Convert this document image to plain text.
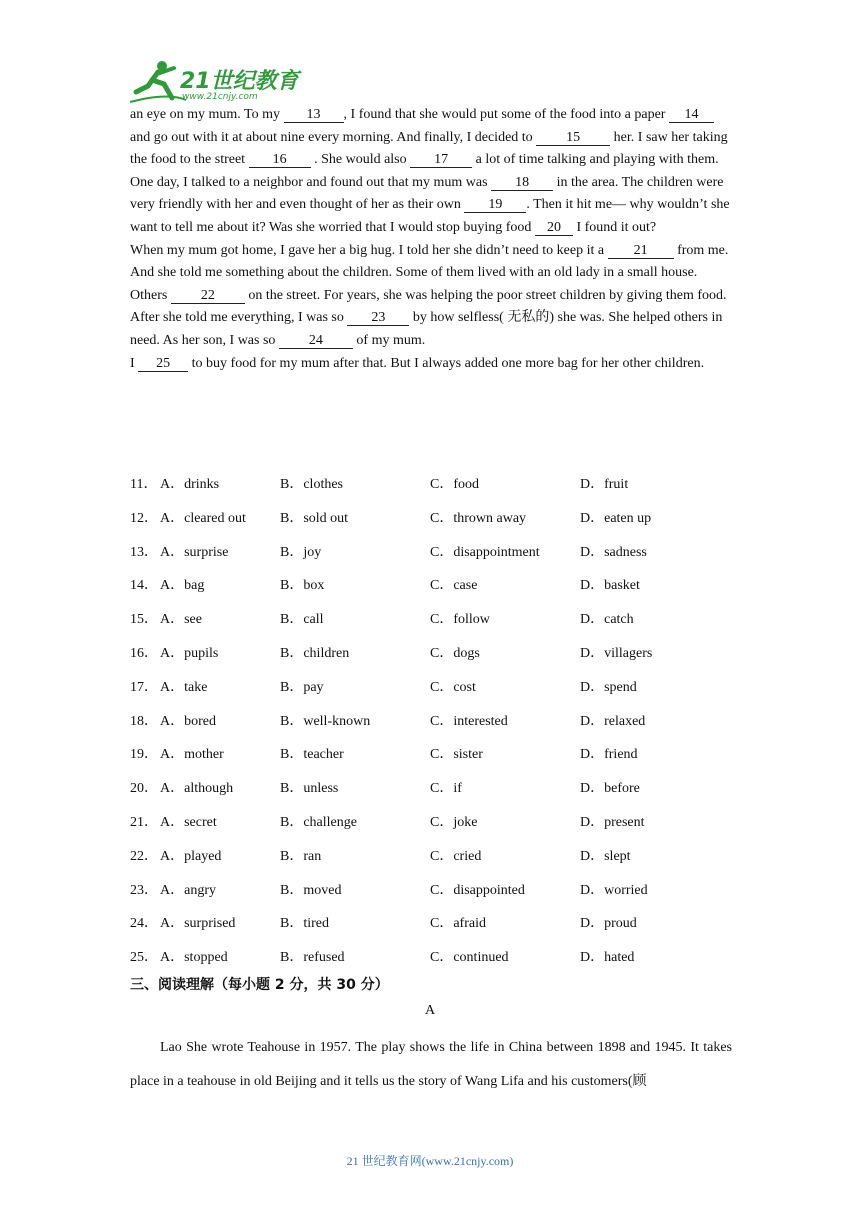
21世纪教育
www.21cnjy.com

an eye on my mum. To my 13 , I found that she would put some of the food into a paper 14 and go out with it at about nine every morning. And finally, I decided to 15 her. I saw her taking the food to the street 16 . She would also 17 a lot of time talking and playing with them.

One day, I talked to a neighbor and found out that my mum was 18 in the area. The children were very friendly with her and even thought of her as their own 19 . Then it hit me— why wouldn’t she want to tell me about it? Was she worried that I would stop buying food 20 I found it out?

When my mum got home, I gave her a big hug. I told her she didn’t need to keep it a 21 from me. And she told me something about the children. Some of them lived with an old lady in a small house. Others 22 on the street. For years, she was helping the poor street children by giving them food. After she told me everything, I was so 23 by how selfless( 无私的) she was. She helped others in need. As her son, I was so 24 of my mum.

I 25 to buy food for my mum after that. But I always added one more bag for her other children.

11． A．drinks	B．clothes	C．food	D．fruit
12． A．cleared out B．sold out	C．thrown away	D．eaten up
13． A．surprise	B．joy	C．disappointment	D．sadness
14． A．bag	B．box	C．case	D．basket
15． A．see	B．call	C．follow	D．catch
16． A．pupils	B．children	C．dogs	D．villagers
17． A．take	B．pay	C．cost	D．spend
18． A．bored	B．well-known	C．interested	D．relaxed
19． A．mother	B．teacher	C．sister	D．friend
20． A．although	B．unless	C．if	D．before
21． A．secret	B．challenge	C．joke	D．present
22． A．played	B．ran	C．cried	D．slept
23． A．angry	B．moved	C．disappointed	D．worried
24． A．surprised	B．tired	C．afraid	D．proud
25． A．stopped	B．refused	C．continued	D．hated
三、阅读理解（每小题 2 分，共 30 分）
A

Lao She wrote Teahouse in 1957. The play shows the life in China between 1898 and 1945. It takes place in a teahouse in old Beijing and it tells us the story of Wang Lifa and his customers(顾

21 世纪教育网(www.21cnjy.com)
